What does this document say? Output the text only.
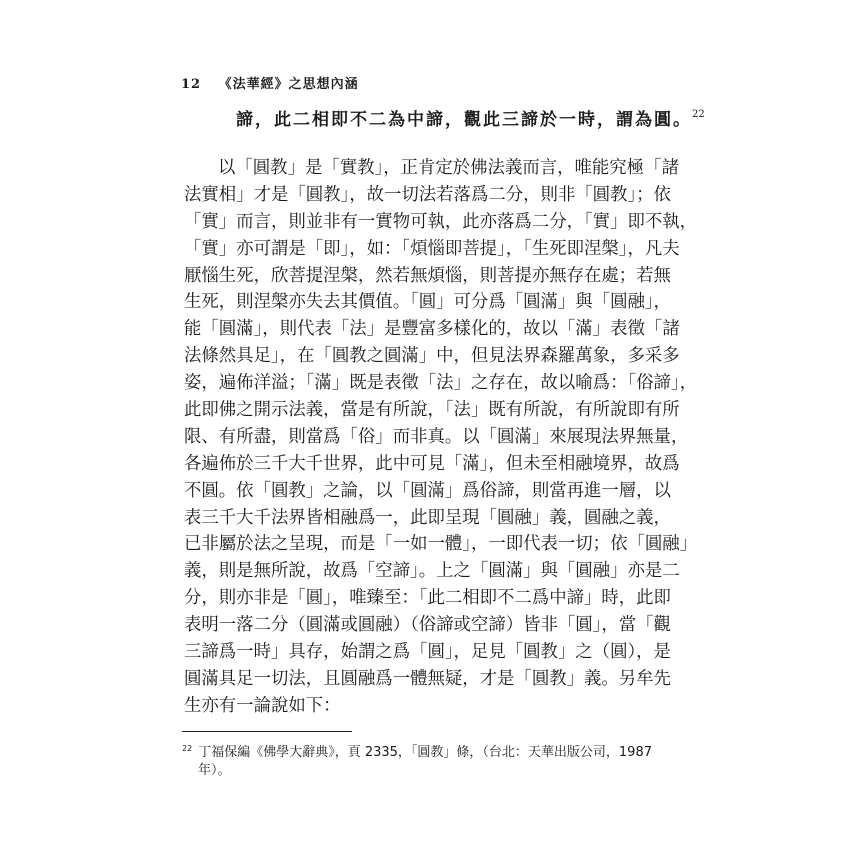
12 《法華經》之思想內涵
諦，此二相即不二為中諦，觀此三諦於一時，謂為圓。$^{22}$
以「圓教」是「實教」，正肯定於佛法義而言，唯能究極「諸
法實相」才是「圓教」，故一切法若落爲二分，則非「圓教」；依
「實」而言，則並非有一實物可執，此亦落爲二分，「實」即不執，
「實」亦可謂是「即」，如：「煩惱即菩提」，「生死即涅槃」，凡夫
厭惱生死，欣菩提涅槃，然若無煩惱，則菩提亦無存在處；若無
生死，則涅槃亦失去其價值。「圓」可分爲「圓滿」與「圓融」，
能「圓滿」，則代表「法」是豐富多樣化的，故以「滿」表徵「諸
法條然具足」，在「圓教之圓滿」中，但見法界森羅萬象，多采多
姿，遍佈洋溢；「滿」既是表徵「法」之存在，故以喻爲：「俗諦」，
此即佛之開示法義，當是有所說，「法」既有所說，有所說即有所
限、有所盡，則當爲「俗」而非真。以「圓滿」來展現法界無量，
各遍佈於三千大千世界，此中可見「滿」，但未至相融境界，故爲
不圓。依「圓教」之論，以「圓滿」爲俗諦，則當再進一層，以
表三千大千法界皆相融爲一，此即呈現「圓融」義，圓融之義，
已非屬於法之呈現，而是「一如一體」，一即代表一切；依「圓融」
義，則是無所說，故爲「空諦」。上之「圓滿」與「圓融」亦是二
分，則亦非是「圓」，唯臻至：「此二相即不二爲中諦」時，此即
表明一落二分（圓滿或圓融）（俗諦或空諦）皆非「圓」，當「觀
三諦爲一時」具存，始謂之爲「圓」，足見「圓教」之（圓），是
圓滿具足一切法，且圓融爲一體無疑，才是「圓教」義。另牟先
生亦有一論說如下：
$^{22}$ 丁福保編《佛學大辭典》，頁 2335，「圓教」條，（台北：天華出版公司，1987
年）。
